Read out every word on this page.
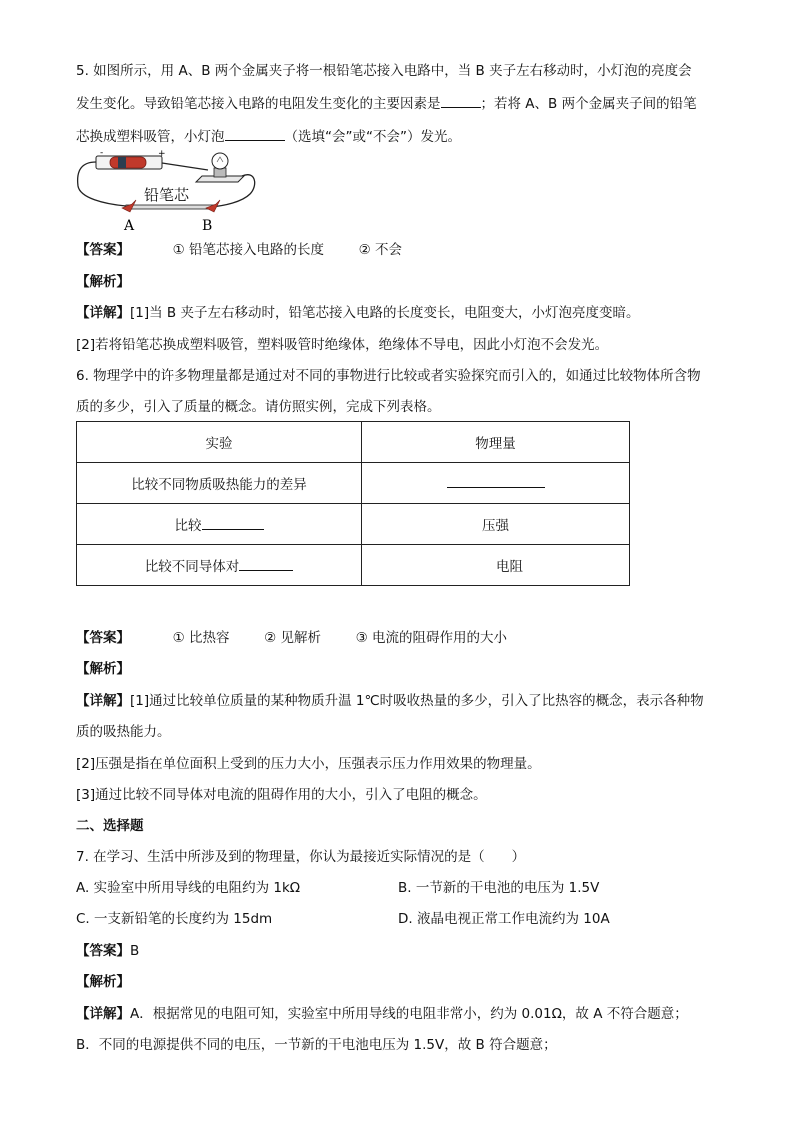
5. 如图所示，用 A、B 两个金属夹子将一根铅笔芯接入电路中，当 B 夹子左右移动时，小灯泡的亮度会
发生变化。导致铅笔芯接入电路的电阻发生变化的主要因素是	；若将 A、B 两个金属夹子间的铅笔
芯换成塑料吸管，小灯泡	（选填“会”或“不会”）发光。
-	+
铅笔芯
A	B
【答案】	① 铅笔芯接入电路的长度	② 不会
【解析】
【详解】[1]当 B 夹子左右移动时，铅笔芯接入电路的长度变长，电阻变大，小灯泡亮度变暗。
[2]若将铅笔芯换成塑料吸管，塑料吸管时绝缘体，绝缘体不导电，因此小灯泡不会发光。
6. 物理学中的许多物理量都是通过对不同的事物进行比较或者实验探究而引入的，如通过比较物体所含物
质的多少，引入了质量的概念。请仿照实例，完成下列表格。
实验	物理量
比较不同物质吸热能力的差异	
比较	压强
比较不同导体对	电阻
【答案】	① 比热容	② 见解析	③ 电流的阻碍作用的大小
【解析】
【详解】[1]通过比较单位质量的某种物质升温 1℃时吸收热量的多少，引入了比热容的概念，表示各种物
质的吸热能力。
[2]压强是指在单位面积上受到的压力大小，压强表示压力作用效果的物理量。
[3]通过比较不同导体对电流的阻碍作用的大小，引入了电阻的概念。
二、选择题
7. 在学习、生活中所涉及到的物理量，你认为最接近实际情况的是（　　）
A. 实验室中所用导线的电阻约为 1kΩ	B. 一节新的干电池的电压为 1.5V
C. 一支新铅笔的长度约为 15dm	D. 液晶电视正常工作电流约为 10A
【答案】B
【解析】
【详解】A．根据常见的电阻可知，实验室中所用导线的电阻非常小，约为 0.01Ω，故 A 不符合题意；
B．不同的电源提供不同的电压，一节新的干电池电压为 1.5V，故 B 符合题意；
